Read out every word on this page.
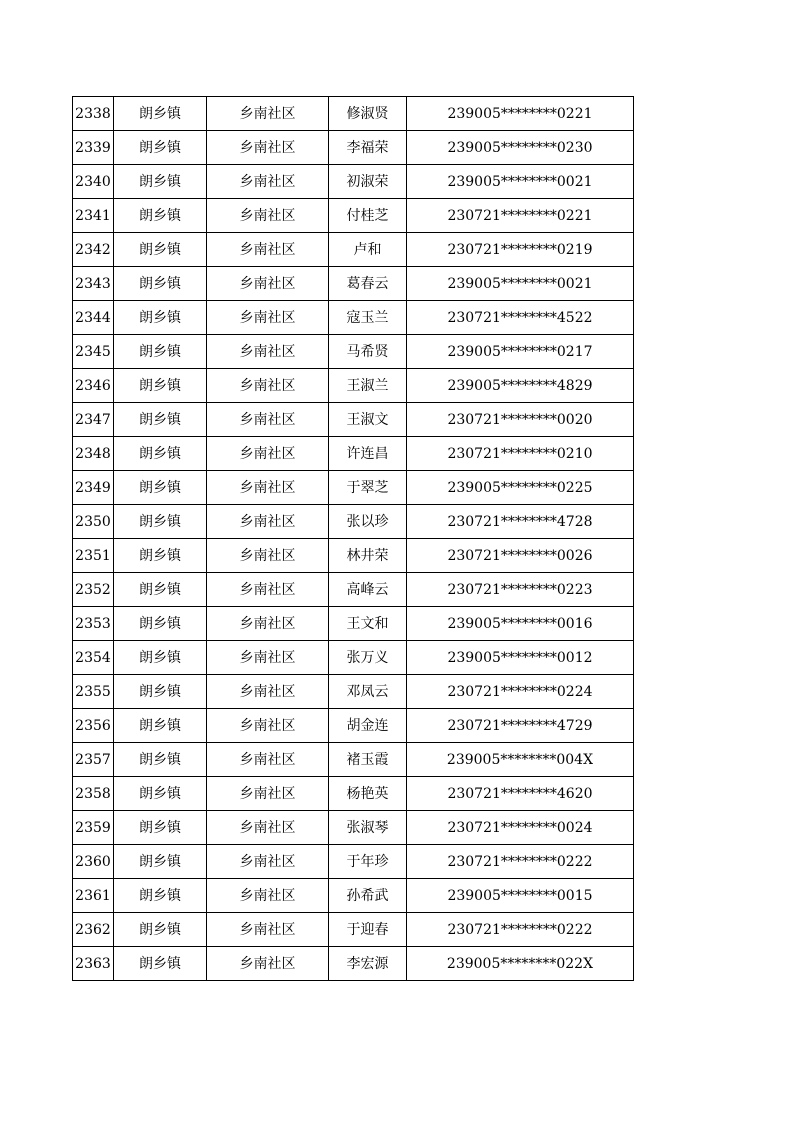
2338	朗乡镇	乡南社区	修淑贤	239005********0221
2339	朗乡镇	乡南社区	李福荣	239005********0230
2340	朗乡镇	乡南社区	初淑荣	239005********0021
2341	朗乡镇	乡南社区	付桂芝	230721********0221
2342	朗乡镇	乡南社区	卢和	230721********0219
2343	朗乡镇	乡南社区	葛春云	239005********0021
2344	朗乡镇	乡南社区	寇玉兰	230721********4522
2345	朗乡镇	乡南社区	马希贤	239005********0217
2346	朗乡镇	乡南社区	王淑兰	239005********4829
2347	朗乡镇	乡南社区	王淑文	230721********0020
2348	朗乡镇	乡南社区	许连昌	230721********0210
2349	朗乡镇	乡南社区	于翠芝	239005********0225
2350	朗乡镇	乡南社区	张以珍	230721********4728
2351	朗乡镇	乡南社区	林井荣	230721********0026
2352	朗乡镇	乡南社区	高峰云	230721********0223
2353	朗乡镇	乡南社区	王文和	239005********0016
2354	朗乡镇	乡南社区	张万义	239005********0012
2355	朗乡镇	乡南社区	邓凤云	230721********0224
2356	朗乡镇	乡南社区	胡金连	230721********4729
2357	朗乡镇	乡南社区	褚玉霞	239005********004X
2358	朗乡镇	乡南社区	杨艳英	230721********4620
2359	朗乡镇	乡南社区	张淑琴	230721********0024
2360	朗乡镇	乡南社区	于年珍	230721********0222
2361	朗乡镇	乡南社区	孙希武	239005********0015
2362	朗乡镇	乡南社区	于迎春	230721********0222
2363	朗乡镇	乡南社区	李宏源	239005********022X
